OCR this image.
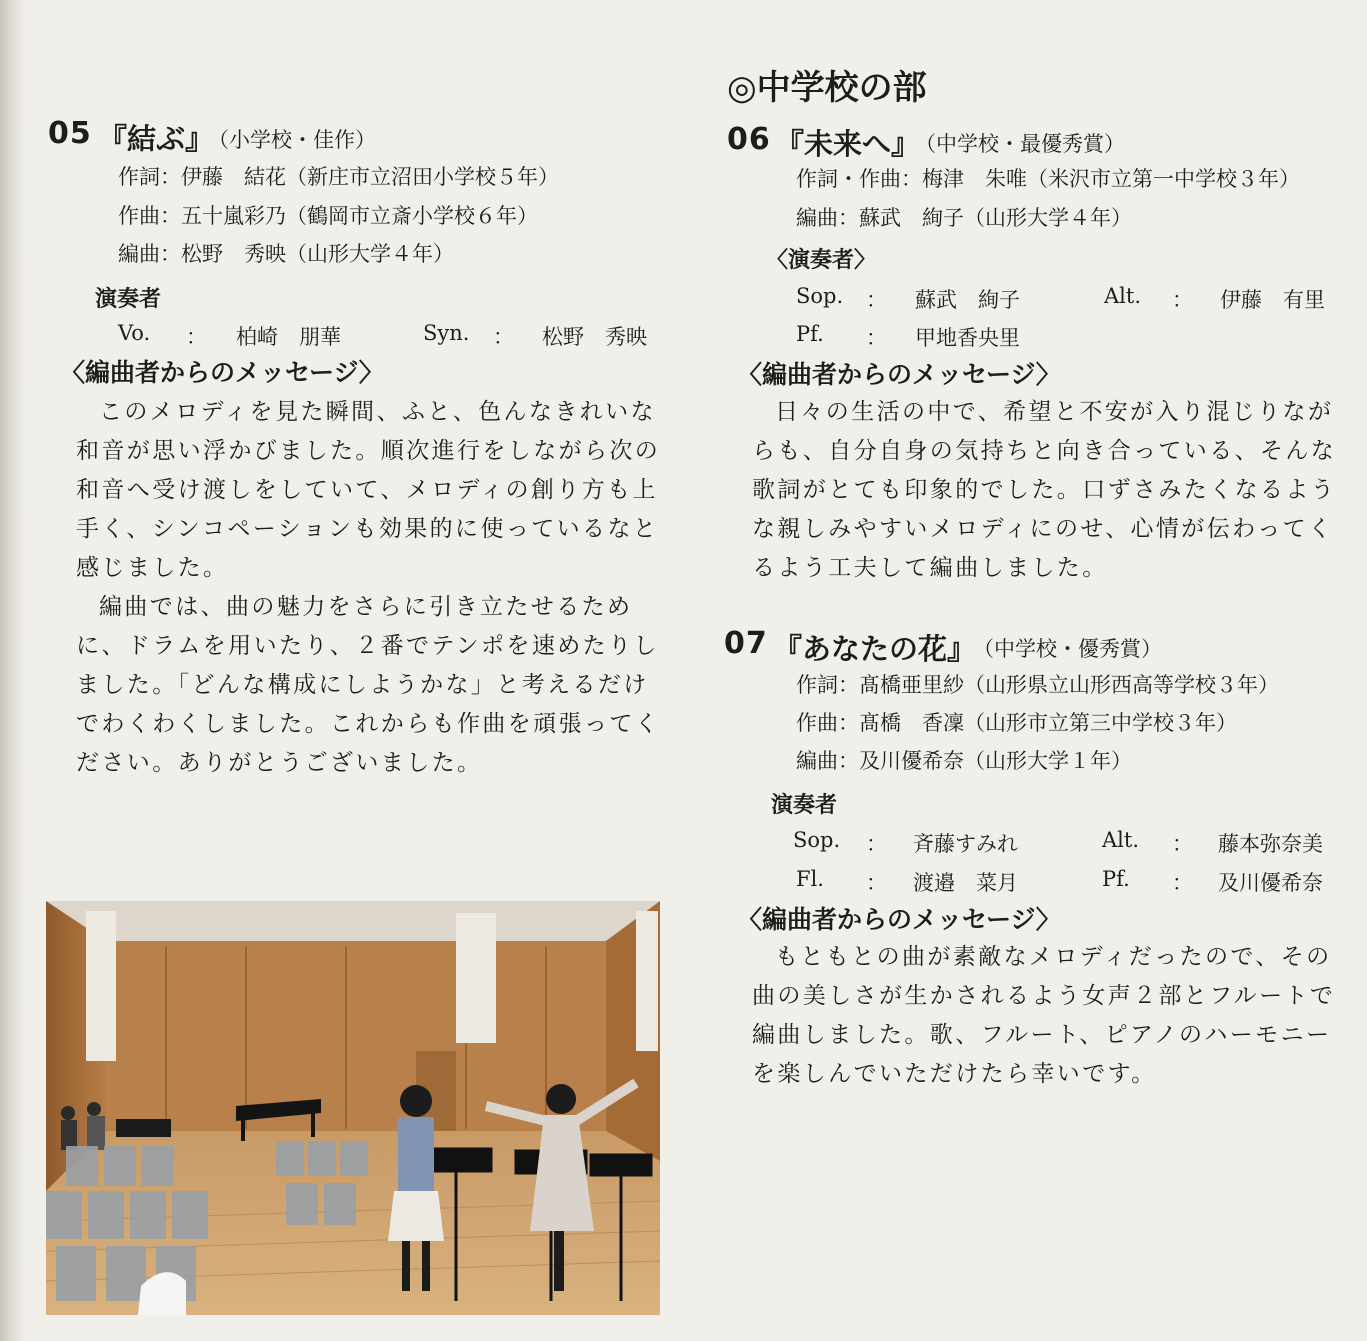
05 『結ぶ』
（小学校・佳作）
作詞：伊藤　結花（新庄市立沼田小学校５年）
作曲：五十嵐彩乃（鶴岡市立斎小学校６年）
編曲：松野　秀映（山形大学４年）
演奏者
Vo. ： 柏崎　朋華	Syn. ： 松野　秀映
〈編曲者からのメッセージ〉

このメロディを見た瞬間、ふと、色んなきれいな和音が思い浮かびました。順次進行をしながら次の和音へ受け渡しをしていて、メロディの創り方も上手く、シンコペーションも効果的に使っているなと感じました。

編曲では、曲の魅力をさらに引き立たせるために、ドラムを用いたり、２番でテンポを速めたりしました。「どんな構成にしようかな」と考えるだけでわくわくしました。これからも作曲を頑張ってください。ありがとうございました。

◎中学校の部
06 『未来へ』
（中学校・最優秀賞）
作詞・作曲：梅津　朱唯（米沢市立第一中学校３年）
編曲：蘇武　絢子（山形大学４年）
〈演奏者〉
Sop. ： 蘇武　絢子	Alt. ： 伊藤　有里
Pf. ： 甲地香央里
〈編曲者からのメッセージ〉

日々の生活の中で、希望と不安が入り混じりながらも、自分自身の気持ちと向き合っている、そんな歌詞がとても印象的でした。口ずさみたくなるような親しみやすいメロディにのせ、心情が伝わってくるよう工夫して編曲しました。

07 『あなたの花』
（中学校・優秀賞）
作詞：髙橋亜里紗（山形県立山形西高等学校３年）
作曲：髙橋　香凜（山形市立第三中学校３年）
編曲：及川優希奈（山形大学１年）
演奏者
Sop. ： 斉藤すみれ	Alt. ： 藤本弥奈美
Fl. ： 渡邉　菜月	Pf. ： 及川優希奈
〈編曲者からのメッセージ〉

もともとの曲が素敵なメロディだったので、その曲の美しさが生かされるよう女声２部とフルートで編曲しました。歌、フルート、ピアノのハーモニーを楽しんでいただけたら幸いです。
